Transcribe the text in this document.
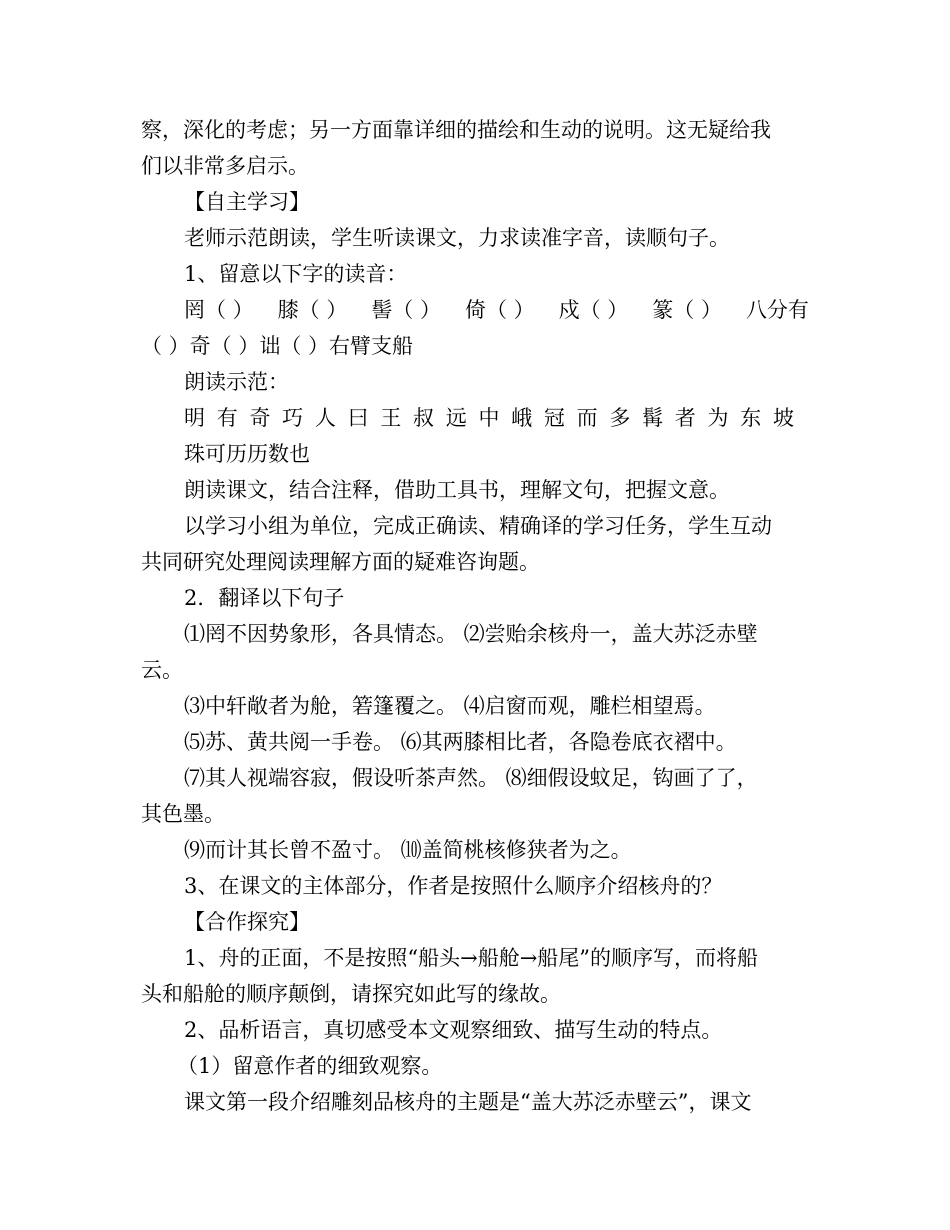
察，深化的考虑；另一方面靠详细的描绘和生动的说明。这无疑给我
们以非常多启示。
【自主学习】
老师示范朗读，学生听读课文，力求读准字音，读顺句子。
1、留意以下字的读音：
罔（ ） 膝（ ） 髻（ ） 倚（ ） 戍（ ） 篆（ ） 八分有
（ ）奇（ ）诎（ ）右臂支船
朗读示范：
明 有 奇 巧 人 曰 王 叔 远 中 峨 冠 而 多 髯 者 为 东 坡
珠可历历数也
朗读课文，结合注释，借助工具书，理解文句，把握文意。
以学习小组为单位，完成正确读、精确译的学习任务，学生互动
共同研究处理阅读理解方面的疑难咨询题。
2．翻译以下句子
⑴罔不因势象形，各具情态。 ⑵尝贻余核舟一，盖大苏泛赤壁
云。
⑶中轩敞者为舱，箬篷覆之。 ⑷启窗而观，雕栏相望焉。
⑸苏、黄共阅一手卷。 ⑹其两膝相比者，各隐卷底衣褶中。
⑺其人视端容寂，假设听茶声然。 ⑻细假设蚊足，钩画了了，
其色墨。
⑼而计其长曾不盈寸。 ⑽盖简桃核修狭者为之。
3、在课文的主体部分，作者是按照什么顺序介绍核舟的？
【合作探究】
1、舟的正面，不是按照“船头→船舱→船尾”的顺序写，而将船
头和船舱的顺序颠倒，请探究如此写的缘故。
2、品析语言，真切感受本文观察细致、描写生动的特点。
（1）留意作者的细致观察。
课文第一段介绍雕刻品核舟的主题是“盖大苏泛赤壁云”，课文
